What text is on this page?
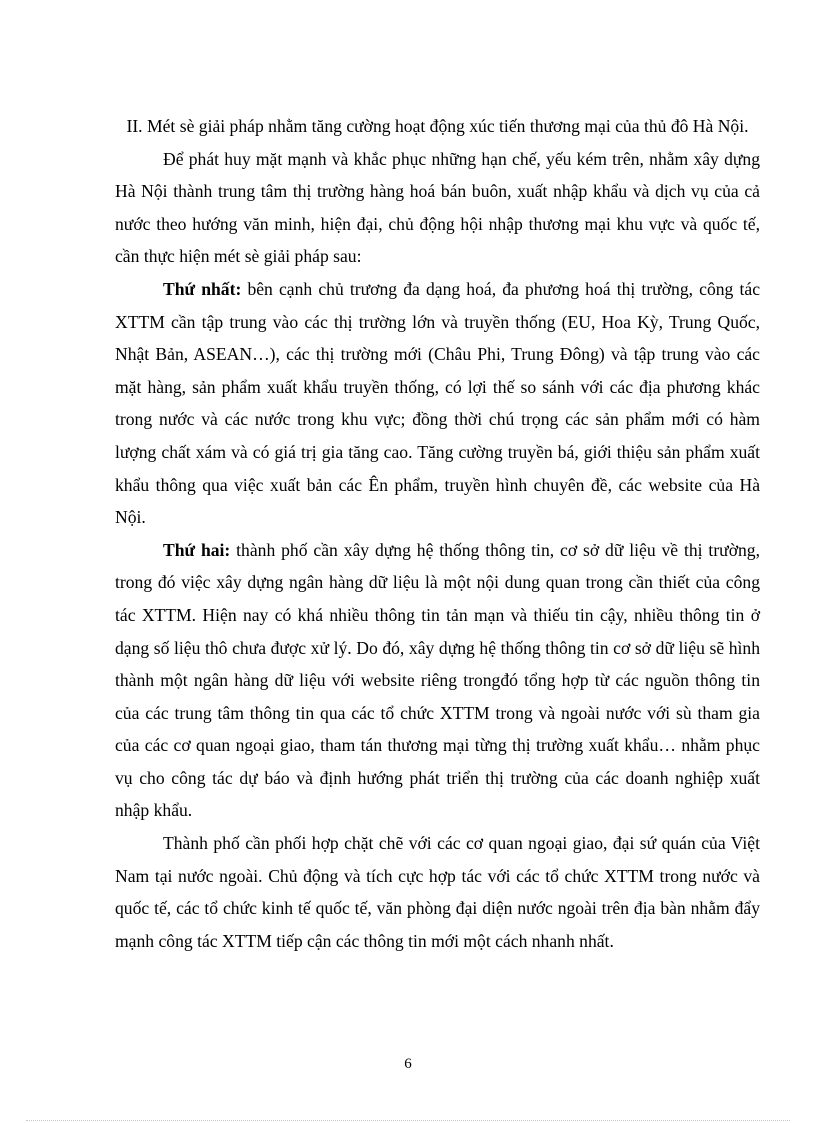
II. Mét sè giải pháp nhằm tăng cường hoạt động xúc tiến thương mại của thủ đô Hà Nội.

Để phát huy mặt mạnh và khắc phục những hạn chế, yếu kém trên, nhằm xây dựng Hà Nội thành trung tâm thị trường hàng hoá bán buôn, xuất nhập khẩu và dịch vụ của cả nước theo hướng văn minh, hiện đại, chủ động hội nhập thương mại khu vực và quốc tế, cần thực hiện mét sè giải pháp sau:

Thứ nhất: bên cạnh chủ trương đa dạng hoá, đa phương hoá thị trường, công tác XTTM cần tập trung vào các thị trường lớn và truyền thống (EU, Hoa Kỳ, Trung Quốc, Nhật Bản, ASEAN…), các thị trường mới (Châu Phi, Trung Đông) và tập trung vào các mặt hàng, sản phẩm xuất khẩu truyền thống, có lợi thế so sánh với các địa phương khác trong nước và các nước trong khu vực; đồng thời chú trọng các sản phẩm mới có hàm lượng chất xám và có giá trị gia tăng cao. Tăng cường truyền bá, giới thiệu sản phẩm xuất khẩu thông qua việc xuất bản các Ên phẩm, truyền hình chuyên đề, các website của Hà Nội.

Thứ hai: thành phố cần xây dựng hệ thống thông tin, cơ sở dữ liệu về thị trường, trong đó việc xây dựng ngân hàng dữ liệu là một nội dung quan trong cần thiết của công tác XTTM. Hiện nay có khá nhiều thông tin tản mạn và thiếu tin cậy, nhiều thông tin ở dạng số liệu thô chưa được xử lý. Do đó, xây dựng hệ thống thông tin cơ sở dữ liệu sẽ hình thành một ngân hàng dữ liệu với website riêng trongđó tổng hợp từ các nguồn thông tin của các trung tâm thông tin qua các tổ chức XTTM trong và ngoài nước với sù tham gia của các cơ quan ngoại giao, tham tán thương mại từng thị trường xuất khẩu… nhằm phục vụ cho công tác dự báo và định hướng phát triển thị trường của các doanh nghiệp xuất nhập khẩu.

Thành phố cần phối hợp chặt chẽ với các cơ quan ngoại giao, đại sứ quán của Việt Nam tại nước ngoài. Chủ động và tích cực hợp tác với các tổ chức XTTM trong nước và quốc tế, các tổ chức kinh tế quốc tế, văn phòng đại diện nước ngoài trên địa bàn nhằm đẩy mạnh công tác XTTM tiếp cận các thông tin mới một cách nhanh nhất.

6
